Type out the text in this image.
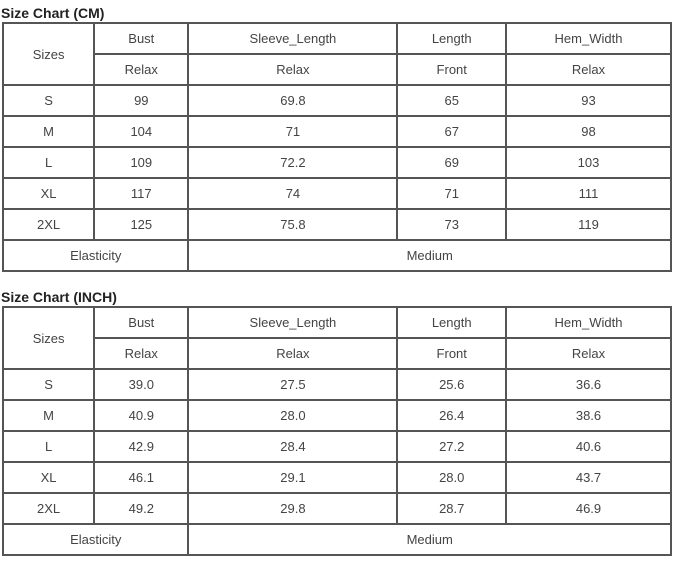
Size Chart (CM)
Sizes	Bust	Sleeve_Length	Length	Hem_Width
	Relax	Relax	Front	Relax
S	99	69.8	65	93
M	104	71	67	98
L	109	72.2	69	103
XL	117	74	71	111
2XL	125	75.8	73	119
Elasticity		Medium		
Size Chart (INCH)
Sizes	Bust	Sleeve_Length	Length	Hem_Width
	Relax	Relax	Front	Relax
S	39.0	27.5	25.6	36.6
M	40.9	28.0	26.4	38.6
L	42.9	28.4	27.2	40.6
XL	46.1	29.1	28.0	43.7
2XL	49.2	29.8	28.7	46.9
Elasticity		Medium		
